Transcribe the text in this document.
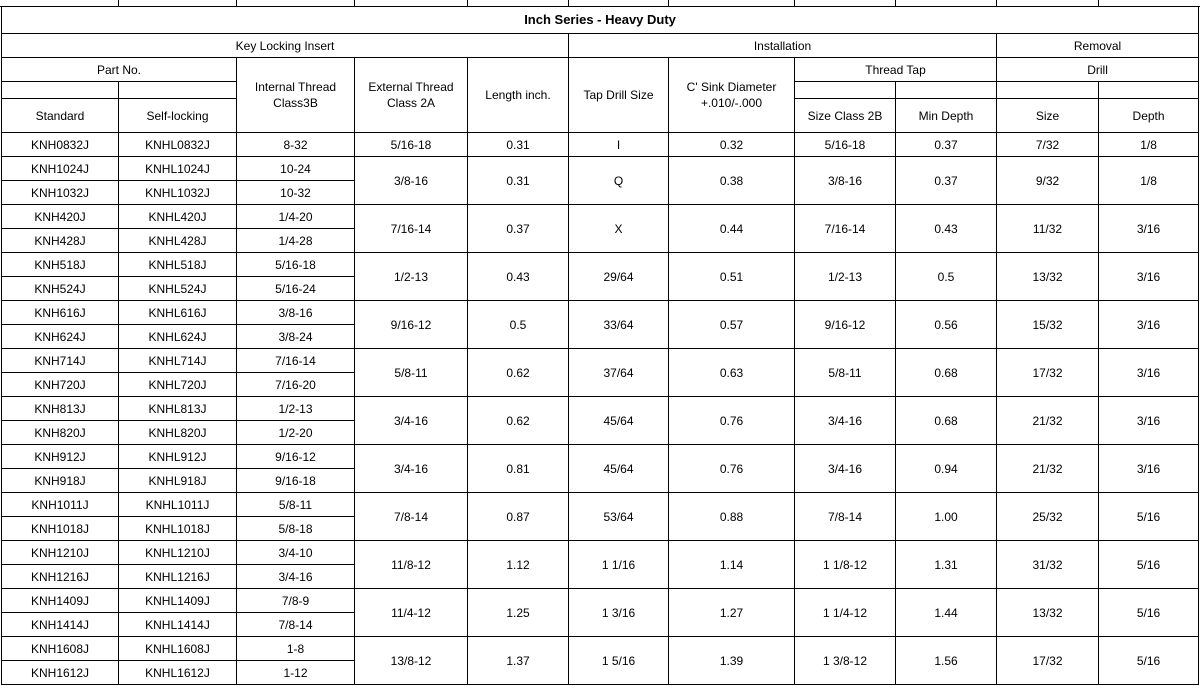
Inch Series - Heavy Duty										
Key Locking Insert					Installation				Removal	
Part No.		Internal Thread Class3B	External Thread Class 2A	Length inch.	Tap Drill Size	C' Sink Diameter +.010/-.000	Thread Tap		Drill	

Standard	Self-locking						Size Class 2B	Min Depth	Size	Depth
KNH0832J	KNHL0832J	8-32	5/16-18	0.31	I	0.32	5/16-18	0.37	7/32	1/8
KNH1024J	KNHL1024J	10-24	3/8-16	0.31	Q	0.38	3/8-16	0.37	9/32	1/8
KNH1032J	KNHL1032J	10-32								
KNH420J	KNHL420J	1/4-20	7/16-14	0.37	X	0.44	7/16-14	0.43	11/32	3/16
KNH428J	KNHL428J	1/4-28								
KNH518J	KNHL518J	5/16-18	1/2-13	0.43	29/64	0.51	1/2-13	0.5	13/32	3/16
KNH524J	KNHL524J	5/16-24								
KNH616J	KNHL616J	3/8-16	9/16-12	0.5	33/64	0.57	9/16-12	0.56	15/32	3/16
KNH624J	KNHL624J	3/8-24								
KNH714J	KNHL714J	7/16-14	5/8-11	0.62	37/64	0.63	5/8-11	0.68	17/32	3/16
KNH720J	KNHL720J	7/16-20								
KNH813J	KNHL813J	1/2-13	3/4-16	0.62	45/64	0.76	3/4-16	0.68	21/32	3/16
KNH820J	KNHL820J	1/2-20								
KNH912J	KNHL912J	9/16-12	3/4-16	0.81	45/64	0.76	3/4-16	0.94	21/32	3/16
KNH918J	KNHL918J	9/16-18								
KNH1011J	KNHL1011J	5/8-11	7/8-14	0.87	53/64	0.88	7/8-14	1.00	25/32	5/16
KNH1018J	KNHL1018J	5/8-18								
KNH1210J	KNHL1210J	3/4-10	11/8-12	1.12	1 1/16	1.14	1 1/8-12	1.31	31/32	5/16
KNH1216J	KNHL1216J	3/4-16								
KNH1409J	KNHL1409J	7/8-9	11/4-12	1.25	1 3/16	1.27	1 1/4-12	1.44	13/32	5/16
KNH1414J	KNHL1414J	7/8-14								
KNH1608J	KNHL1608J	1-8	13/8-12	1.37	1 5/16	1.39	1 3/8-12	1.56	17/32	5/16
KNH1612J	KNHL1612J	1-12								
